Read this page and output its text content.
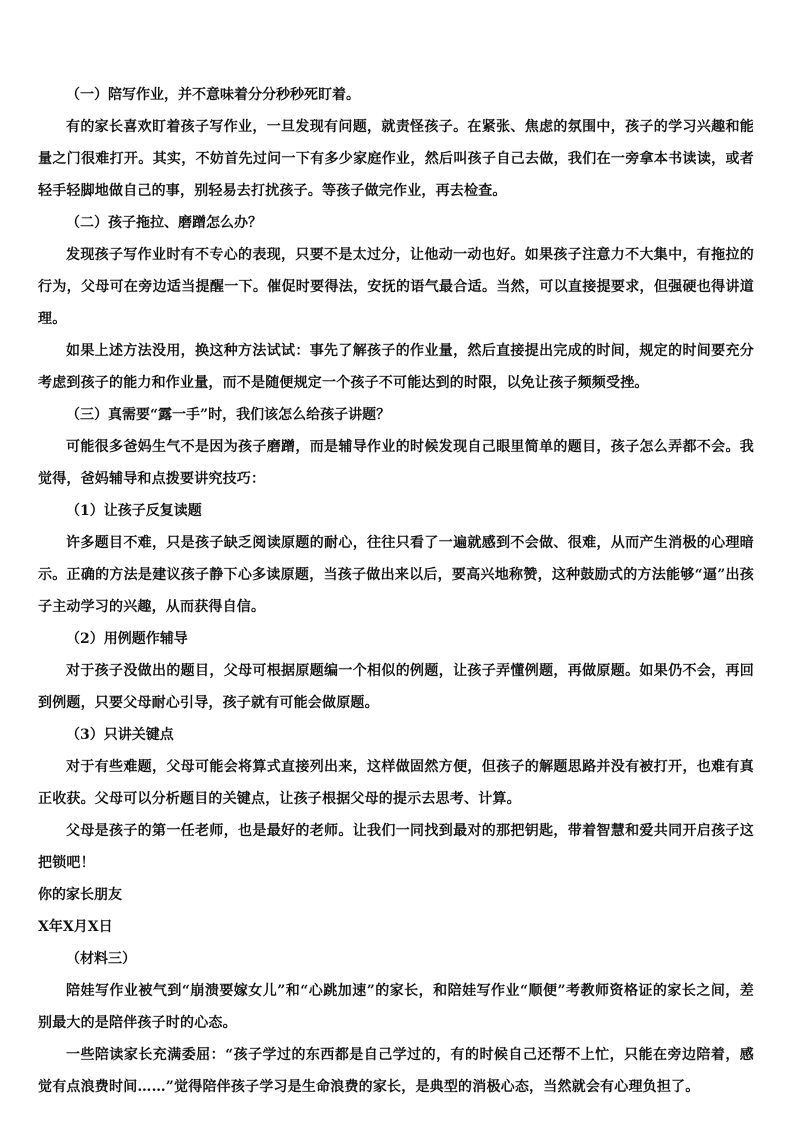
（一）陪写作业，并不意味着分分秒秒死盯着。

有的家长喜欢盯着孩子写作业，一旦发现有问题，就责怪孩子。在紧张、焦虑的氛围中，孩子的学习兴趣和能量之门很难打开。其实，不妨首先过问一下有多少家庭作业，然后叫孩子自己去做，我们在一旁拿本书读读，或者轻手轻脚地做自己的事，别轻易去打扰孩子。等孩子做完作业，再去检查。

（二）孩子拖拉、磨蹭怎么办？

发现孩子写作业时有不专心的表现，只要不是太过分，让他动一动也好。如果孩子注意力不大集中，有拖拉的行为，父母可在旁边适当提醒一下。催促时要得法，安抚的语气最合适。当然，可以直接提要求，但强硬也得讲道理。

如果上述方法没用，换这种方法试试：事先了解孩子的作业量，然后直接提出完成的时间，规定的时间要充分考虑到孩子的能力和作业量，而不是随便规定一个孩子不可能达到的时限，以免让孩子频频受挫。

（三）真需要“露一手”时，我们该怎么给孩子讲题？

可能很多爸妈生气不是因为孩子磨蹭，而是辅导作业的时候发现自己眼里简单的题目，孩子怎么弄都不会。我觉得，爸妈辅导和点拨要讲究技巧：

（1）让孩子反复读题

许多题目不难，只是孩子缺乏阅读原题的耐心，往往只看了一遍就感到不会做、很难，从而产生消极的心理暗示。正确的方法是建议孩子静下心多读原题，当孩子做出来以后，要高兴地称赞，这种鼓励式的方法能够“逼”出孩子主动学习的兴趣，从而获得自信。

（2）用例题作辅导

对于孩子没做出的题目，父母可根据原题编一个相似的例题，让孩子弄懂例题，再做原题。如果仍不会，再回到例题，只要父母耐心引导，孩子就有可能会做原题。

（3）只讲关键点

对于有些难题，父母可能会将算式直接列出来，这样做固然方便，但孩子的解题思路并没有被打开，也难有真正收获。父母可以分析题目的关键点，让孩子根据父母的提示去思考、计算。

父母是孩子的第一任老师，也是最好的老师。让我们一同找到最对的那把钥匙，带着智慧和爱共同开启孩子这把锁吧！

你的家长朋友

X年X月X日

（材料三）

陪娃写作业被气到“崩溃要嫁女儿”和“心跳加速”的家长，和陪娃写作业“顺便”考教师资格证的家长之间，差别最大的是陪伴孩子时的心态。

一些陪读家长充满委屈：“孩子学过的东西都是自己学过的，有的时候自己还帮不上忙，只能在旁边陪着，感觉有点浪费时间……”觉得陪伴孩子学习是生命浪费的家长，是典型的消极心态，当然就会有心理负担了。
